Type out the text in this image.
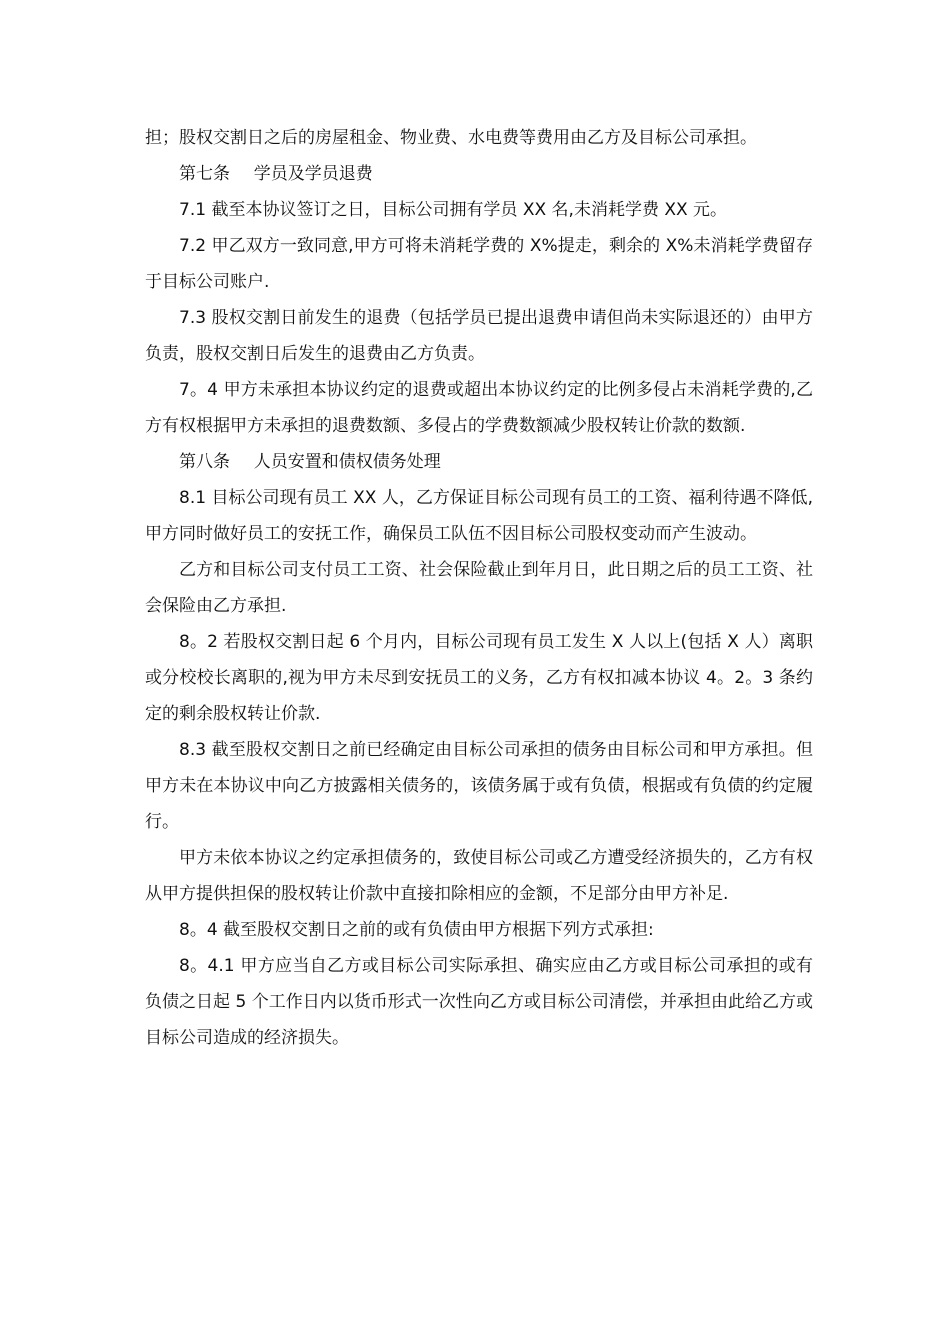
担；股权交割日之后的房屋租金、物业费、水电费等费用由乙方及目标公司承担。

第七条 学员及学员退费

7.1 截至本协议签订之日，目标公司拥有学员 XX 名,未消耗学费 XX 元。

7.2 甲乙双方一致同意,甲方可将未消耗学费的 X%提走，剩余的 X%未消耗学费留存于目标公司账户.

7.3 股权交割日前发生的退费（包括学员已提出退费申请但尚未实际退还的）由甲方负责，股权交割日后发生的退费由乙方负责。

7。4 甲方未承担本协议约定的退费或超出本协议约定的比例多侵占未消耗学费的,乙方有权根据甲方未承担的退费数额、多侵占的学费数额减少股权转让价款的数额.

第八条 人员安置和债权债务处理

8.1 目标公司现有员工 XX 人，乙方保证目标公司现有员工的工资、福利待遇不降低,甲方同时做好员工的安抚工作，确保员工队伍不因目标公司股权变动而产生波动。

乙方和目标公司支付员工工资、社会保险截止到年月日，此日期之后的员工工资、社会保险由乙方承担.

8。2 若股权交割日起 6 个月内，目标公司现有员工发生 X 人以上(包括 X 人）离职或分校校长离职的,视为甲方未尽到安抚员工的义务，乙方有权扣减本协议 4。2。3 条约定的剩余股权转让价款.

8.3 截至股权交割日之前已经确定由目标公司承担的债务由目标公司和甲方承担。但甲方未在本协议中向乙方披露相关债务的，该债务属于或有负债，根据或有负债的约定履行。

甲方未依本协议之约定承担债务的，致使目标公司或乙方遭受经济损失的，乙方有权从甲方提供担保的股权转让价款中直接扣除相应的金额，不足部分由甲方补足.

8。4 截至股权交割日之前的或有负债由甲方根据下列方式承担:

8。4.1 甲方应当自乙方或目标公司实际承担、确实应由乙方或目标公司承担的或有负债之日起 5 个工作日内以货币形式一次性向乙方或目标公司清偿，并承担由此给乙方或目标公司造成的经济损失。
